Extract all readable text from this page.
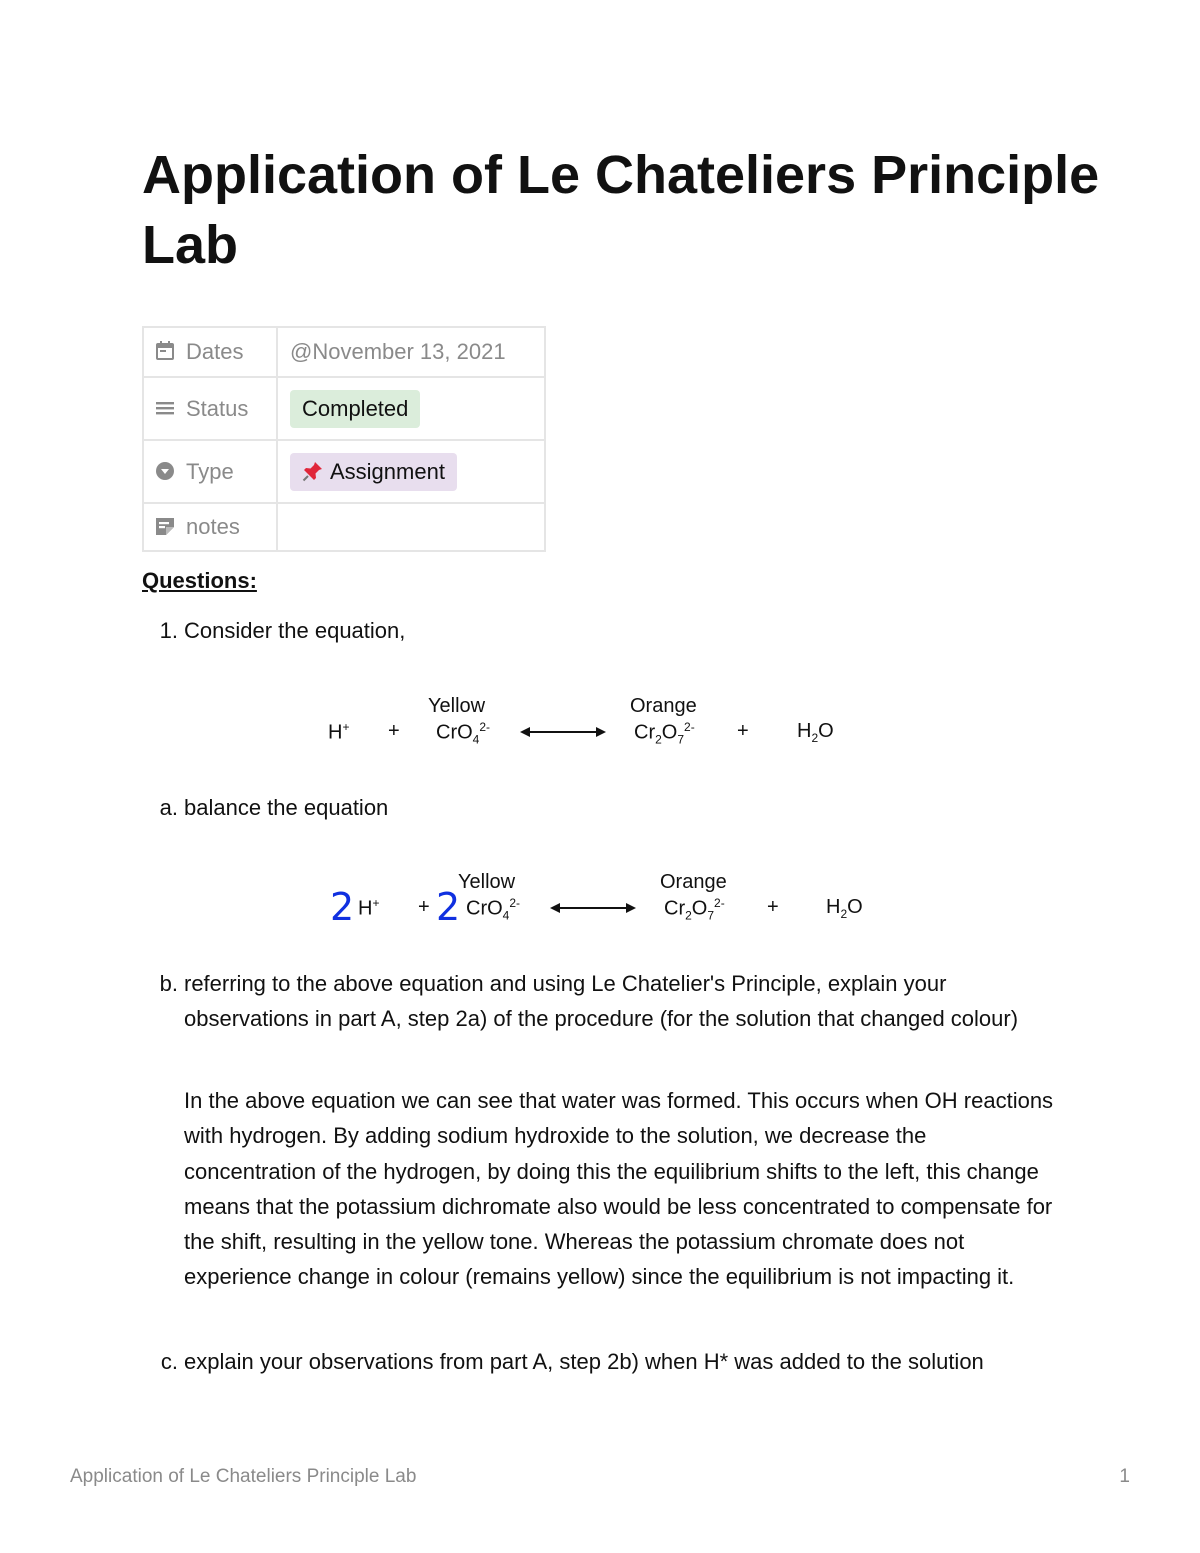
Application of Le Chateliers Principle Lab
Dates	@November 13, 2021

Status	Completed

Type	Assignment

notes	
Questions:
1. Consider the equation,
Yellow	Orange
H+ + CrO$_4^{2-}$	$Cr_2O_7^{2-} + H_2O$
a. balance the equation
Yellow	Orange
2 H+ + 2 CrO$_4^{2-}$	$Cr_2O_7^{2-} + H_2O$
b. referring to the above equation and using Le Chatelier's Principle, explain your observations in part A, step 2a) of the procedure (for the solution that changed colour)
In the above equation we can see that water was formed. This occurs when OH reactions with hydrogen. By adding sodium hydroxide to the solution, we decrease the concentration of the hydrogen, by doing this the equilibrium shifts to the left, this change means that the potassium dichromate also would be less concentrated to compensate for the shift, resulting in the yellow tone. Whereas the potassium chromate does not experience change in colour (remains yellow) since the equilibrium is not impacting it.
c. explain your observations from part A, step 2b) when H* was added to the solution
Application of Le Chateliers Principle Lab	1
